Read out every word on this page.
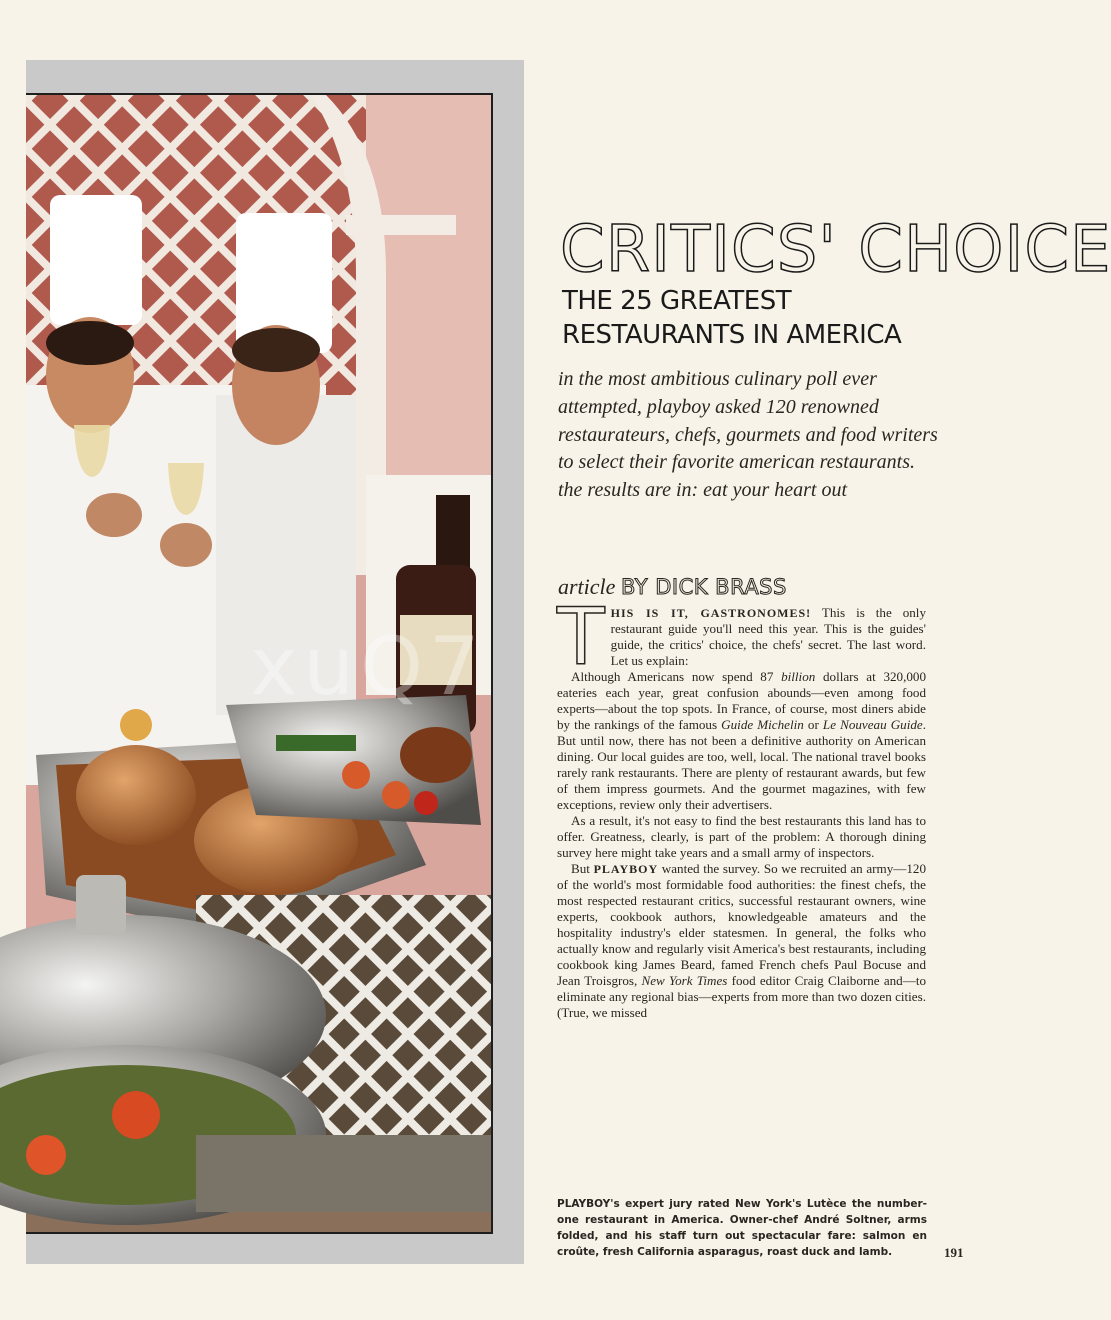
CRITICS' CHOICE
THE 25 GREATEST
RESTAURANTS IN AMERICA
in the most ambitious culinary poll ever attempted, playboy asked 120 renowned restaurateurs, chefs, gourmets and food writers to select their favorite american restaurants. the results are in: eat your heart out
article BY DICK BRASS

THIS IS IT, GASTRONOMES! This is the only restaurant guide you'll need this year. This is the guides' guide, the critics' choice, the chefs' secret. The last word. Let us explain:

Although Americans now spend 87 billion dollars at 320,000 eateries each year, great confusion abounds—even among food experts—about the top spots. In France, of course, most diners abide by the rankings of the famous Guide Michelin or Le Nouveau Guide. But until now, there has not been a definitive authority on American dining. Our local guides are too, well, local. The national travel books rarely rank restaurants. There are plenty of restaurant awards, but few of them impress gourmets. And the gourmet magazines, with few exceptions, review only their advertisers.

As a result, it's not easy to find the best restaurants this land has to offer. Greatness, clearly, is part of the problem: A thorough dining survey here might take years and a small army of inspectors.

But PLAYBOY wanted the survey. So we recruited an army—120 of the world's most formidable food authorities: the finest chefs, the most respected restaurant critics, successful restaurant owners, wine experts, cookbook authors, knowledgeable amateurs and the hospitality industry's elder statesmen. In general, the folks who actually know and regularly visit America's best restaurants, including cookbook king James Beard, famed French chefs Paul Bocuse and Jean Troisgros, New York Times food editor Craig Claiborne and—to eliminate any regional bias—experts from more than two dozen cities. (True, we missed

PLAYBOY's expert jury rated New York's Lutèce the number-one restaurant in America. Owner-chef André Soltner, arms folded, and his staff turn out spectacular fare: salmon en croûte, fresh California asparagus, roast duck and lamb.	191
xuQ7
